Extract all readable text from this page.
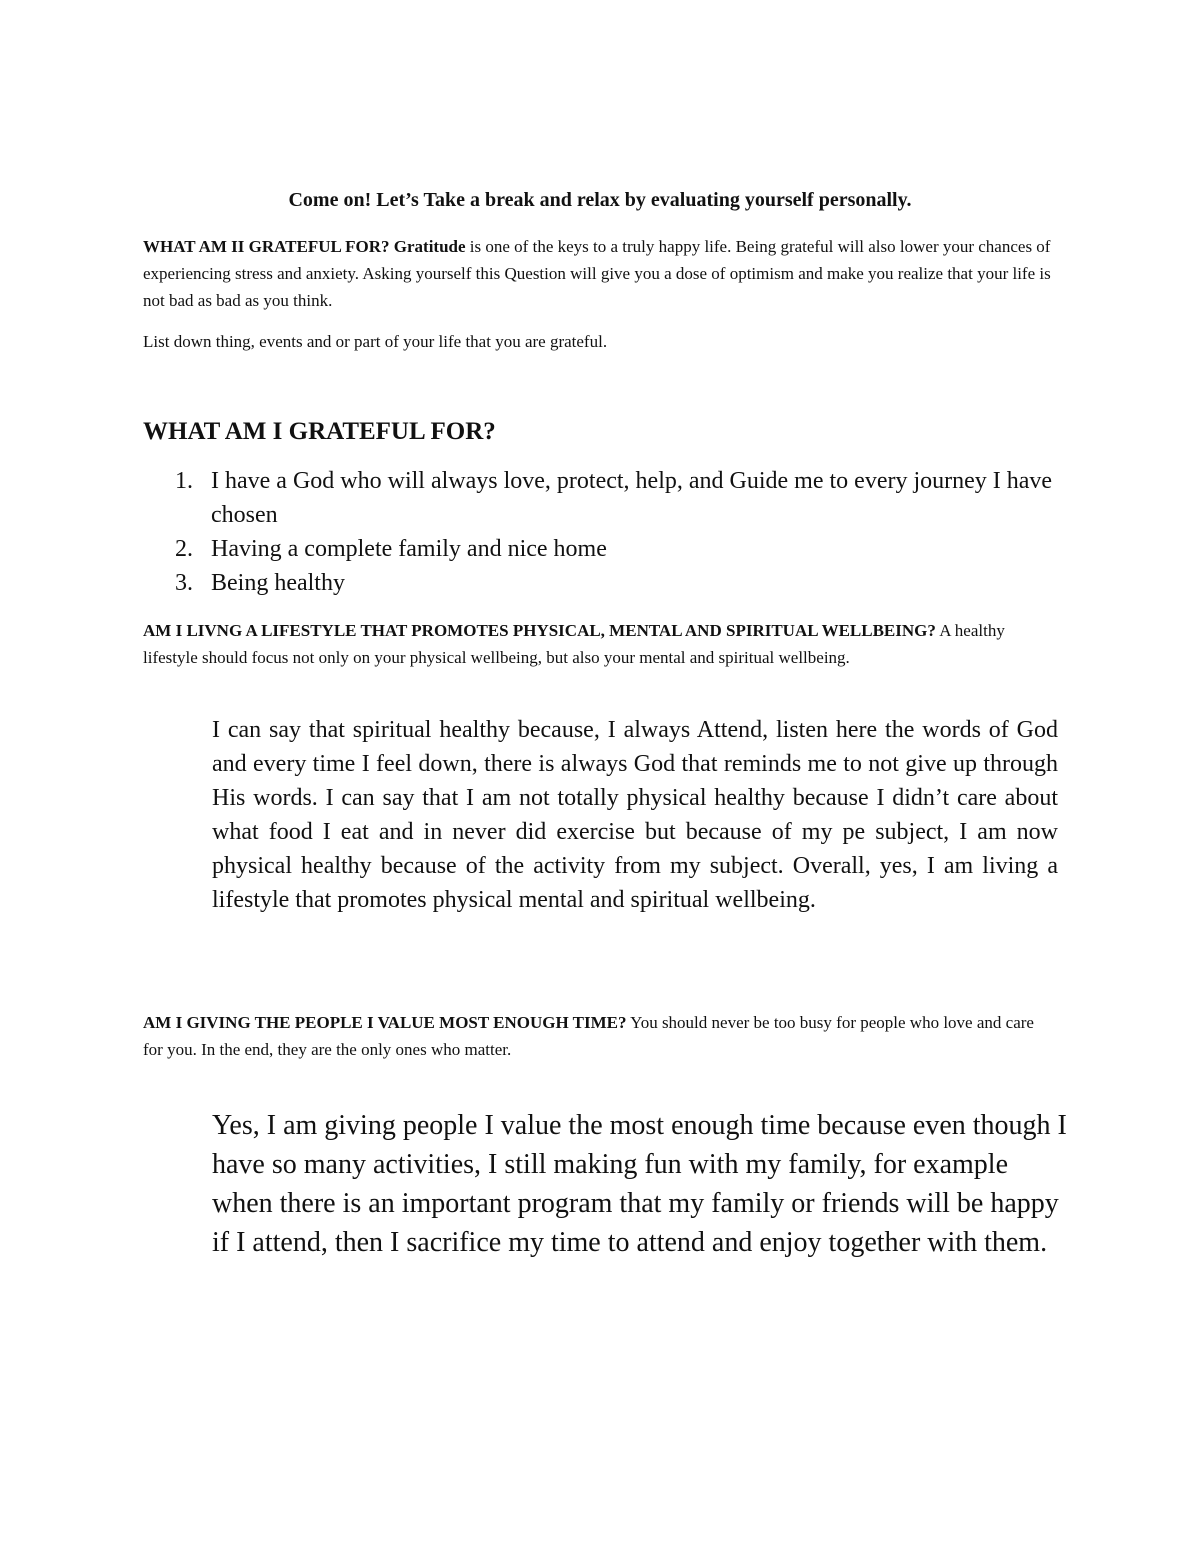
Come on! Let’s Take a break and relax by evaluating yourself personally.
WHAT AM II GRATEFUL FOR? Gratitude is one of the keys to a truly happy life. Being grateful will also lower your chances of experiencing stress and anxiety. Asking yourself this Question will give you a dose of optimism and make you realize that your life is not bad as bad as you think.
List down thing, events and or part of your life that you are grateful.
WHAT AM I GRATEFUL FOR?
1. I have a God who will always love, protect, help, and Guide me to every journey I have chosen
2. Having a complete family and nice home
3. Being healthy
AM I LIVNG A LIFESTYLE THAT PROMOTES PHYSICAL, MENTAL AND SPIRITUAL WELLBEING? A healthy lifestyle should focus not only on your physical wellbeing, but also your mental and spiritual wellbeing.
I can say that spiritual healthy because, I always Attend, listen here the words of God and every time I feel down, there is always God that reminds me to not give up through His words. I can say that I am not totally physical healthy because I didn’t care about what food I eat and in never did exercise but because of my pe subject, I am now physical healthy because of the activity from my subject. Overall, yes, I am living a lifestyle that promotes physical mental and spiritual wellbeing.
AM I GIVING THE PEOPLE I VALUE MOST ENOUGH TIME? You should never be too busy for people who love and care for you. In the end, they are the only ones who matter.
Yes, I am giving people I value the most enough time because even though I have so many activities, I still making fun with my family, for example when there is an important program that my family or friends will be happy if I attend, then I sacrifice my time to attend and enjoy together with them.
